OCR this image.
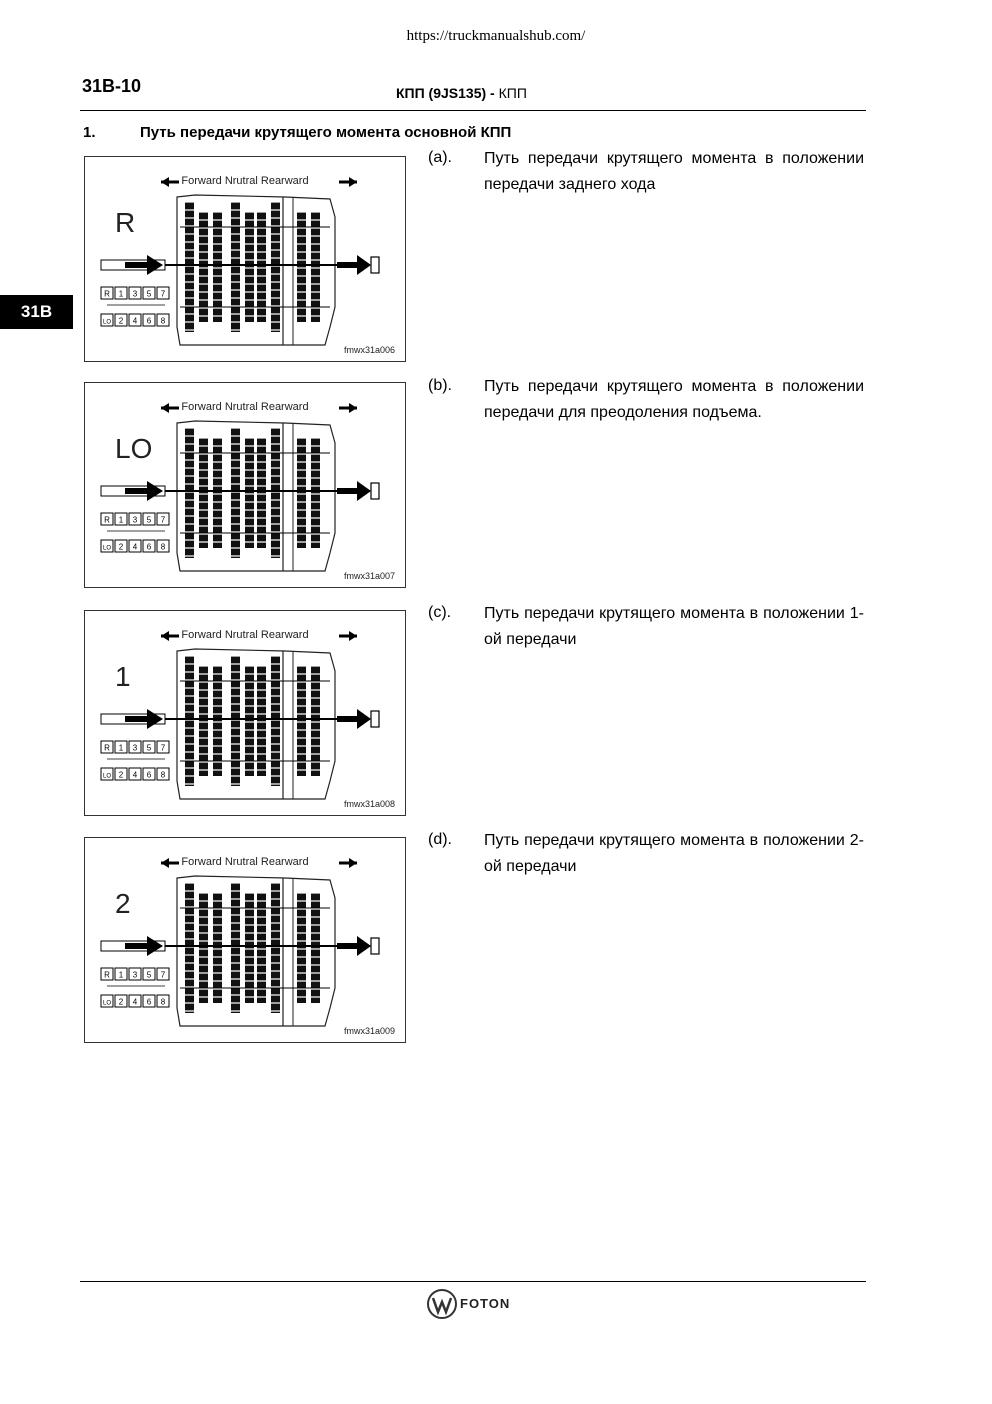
https://truckmanualshub.com/
31B-10	КПП (9JS135) - КПП
1.	Путь передачи крутящего момента основной КПП
31B
R 1 3 5 7
LO 2 4 6 8
Forward Nrutral Rearward
R
fmwx31a006
R 1 3 5 7
LO 2 4 6 8
Forward Nrutral Rearward
LO
fmwx31a007
R 1 3 5 7
LO 2 4 6 8
Forward Nrutral Rearward
1
fmwx31a008
R 1 3 5 7
LO 2 4 6 8
Forward Nrutral Rearward
2
fmwx31a009
(a). Путь передачи крутящего момента в положении передачи заднего хода
(b). Путь передачи крутящего момента в положении передачи для преодоления подъема.
(c). Путь передачи крутящего момента в положении 1-ой передачи
(d). Путь передачи крутящего момента в положении 2-ой передачи
FOTON
